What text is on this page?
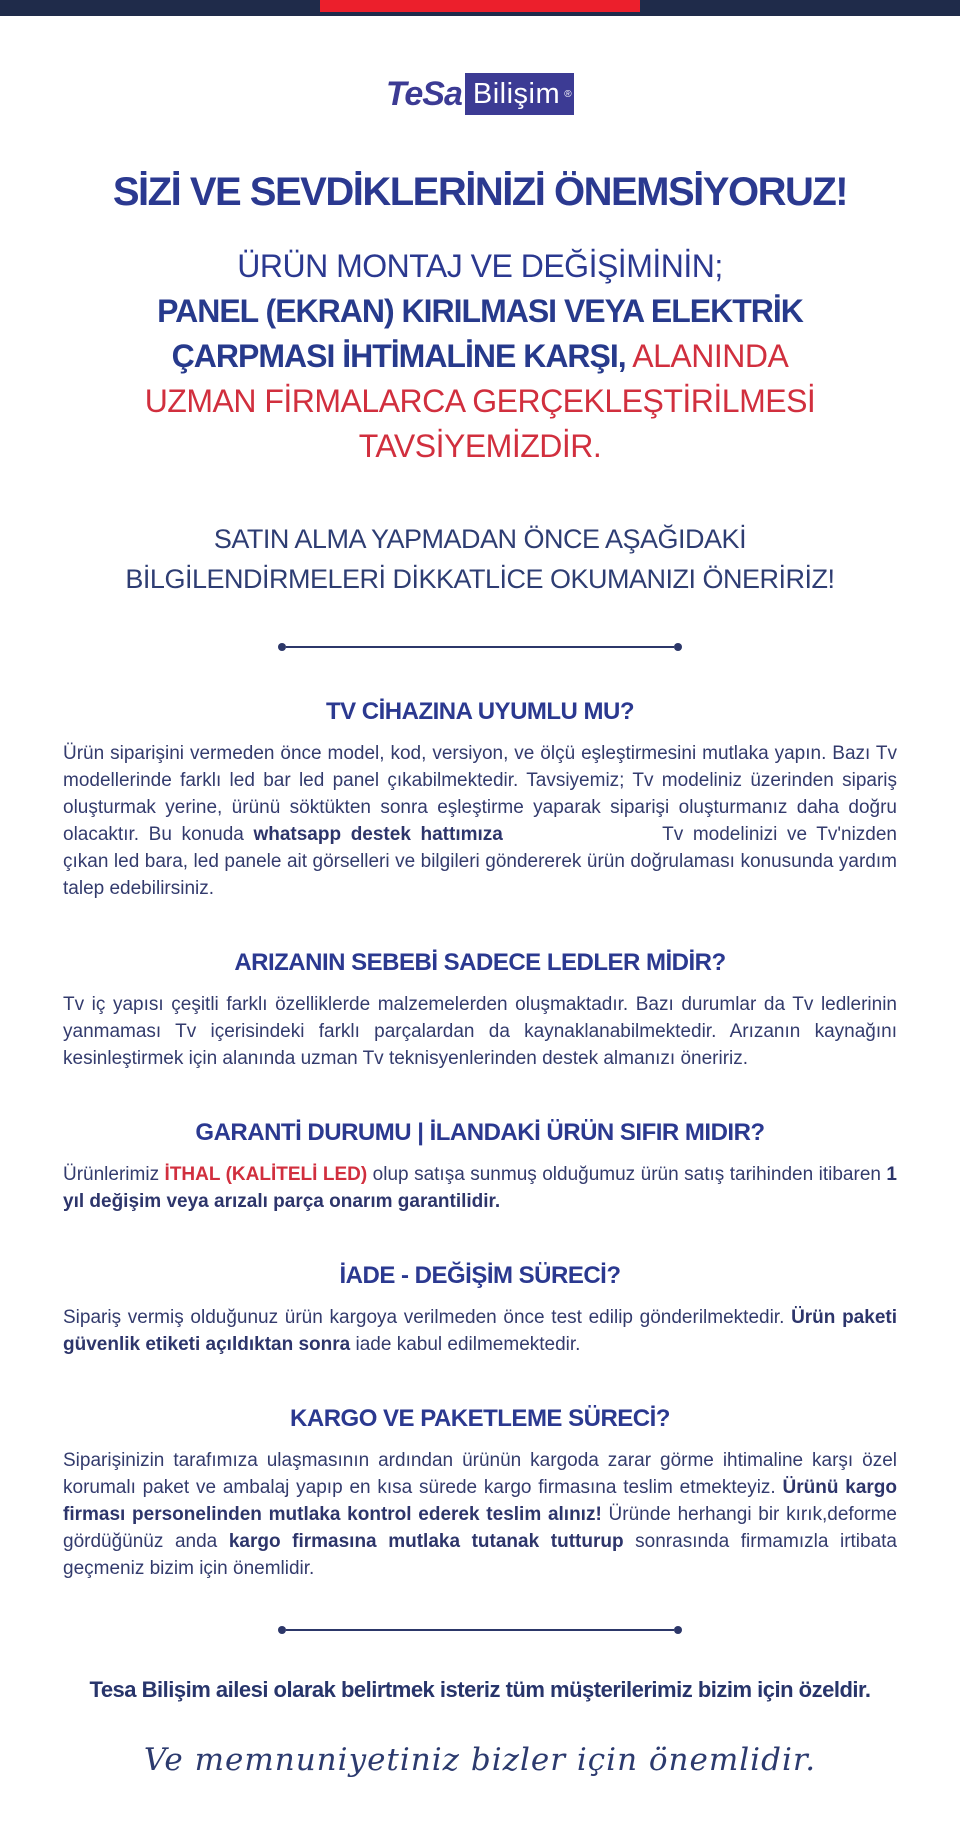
TeSa Bilişim ®
SİZİ VE SEVDİKLERİNİZİ ÖNEMSİYORUZ!
ÜRÜN MONTAJ VE DEĞİŞİMİNİN;
PANEL (EKRAN) KIRILMASI VEYA ELEKTRİK
ÇARPMASI İHTİMALİNE KARŞI, ALANINDA
UZMAN FİRMALARCA GERÇEKLEŞTİRİLMESİ
TAVSİYEMİZDİR.
SATIN ALMA YAPMADAN ÖNCE AŞAĞIDAKİ
BİLGİLENDİRMELERİ DİKKATLİCE OKUMANIZI ÖNERİRİZ!
TV CİHAZINA UYUMLU MU?

Ürün siparişini vermeden önce model, kod, versiyon, ve ölçü eşleştirmesini mutlaka yapın. Bazı Tv modellerinde farklı led bar led panel çıkabilmektedir. Tavsiyemiz; Tv modeliniz üzerinden sipariş oluşturmak yerine, ürünü söktükten sonra eşleştirme yaparak siparişi oluşturmanız daha doğru olacaktır. Bu konuda whatsapp destek hattımıza	Tv modelinizi ve Tv'nizden çıkan led bara, led panele ait görselleri ve bilgileri göndererek ürün doğrulaması konusunda yardım talep edebilirsiniz.

ARIZANIN SEBEBİ SADECE LEDLER MİDİR?

Tv iç yapısı çeşitli farklı özelliklerde malzemelerden oluşmaktadır. Bazı durumlar da Tv ledlerinin yanmaması Tv içerisindeki farklı parçalardan da kaynaklanabilmektedir. Arızanın kaynağını kesinleştirmek için alanında uzman Tv teknisyenlerinden destek almanızı öneririz.

GARANTİ DURUMU | İLANDAKİ ÜRÜN SIFIR MIDIR?

Ürünlerimiz İTHAL (KALİTELİ LED) olup satışa sunmuş olduğumuz ürün satış tarihinden itibaren 1 yıl değişim veya arızalı parça onarım garantilidir.

İADE - DEĞİŞİM SÜRECİ?

Sipariş vermiş olduğunuz ürün kargoya verilmeden önce test edilip gönderilmektedir. Ürün paketi güvenlik etiketi açıldıktan sonra iade kabul edilmemektedir.

KARGO VE PAKETLEME SÜRECİ?

Siparişinizin tarafımıza ulaşmasının ardından ürünün kargoda zarar görme ihtimaline karşı özel korumalı paket ve ambalaj yapıp en kısa sürede kargo firmasına teslim etmekteyiz. Ürünü kargo firması personelinden mutlaka kontrol ederek teslim alınız! Üründe herhangi bir kırık,deforme gördüğünüz anda kargo firmasına mutlaka tutanak tutturup sonrasında firmamızla irtibata geçmeniz bizim için önemlidir.

Tesa Bilişim ailesi olarak belirtmek isteriz tüm müşterilerimiz bizim için özeldir.
Ve memnuniyetiniz bizler için önemlidir.
